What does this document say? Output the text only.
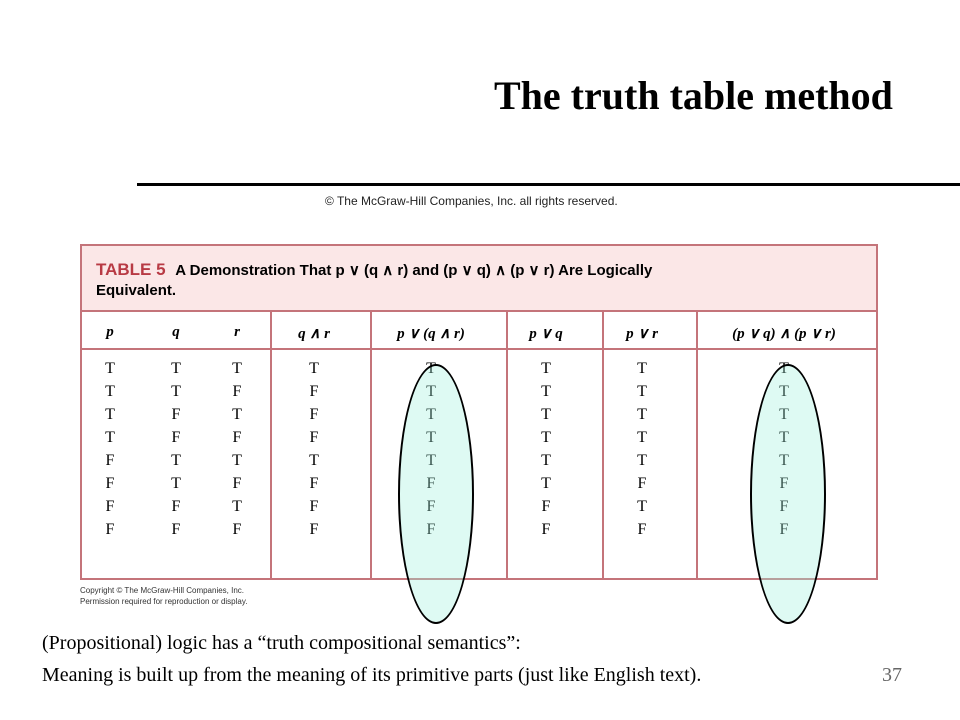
The truth table method
© The McGraw-Hill Companies, Inc. all rights reserved.
TABLE 5 A Demonstration That p ∨ (q ∧ r) and (p ∨ q) ∧ (p ∨ r) Are Logically
Equivalent.
p	q	r	q ∧ r	p ∨ (q ∧ r)	p ∨ q	p ∨ r	(p ∨ q) ∧ (p ∨ r)
T	T	T	T	T	T	T	T
T	T	F	F	T	T	T	T
T	F	T	F	T	T	T	T
T	F	F	F	T	T	T	T
F	T	T	T	T	T	T	T
F	T	F	F	F	T	F	F
F	F	T	F	F	F	T	F
F	F	F	F	F	F	F	F
Copyright © The McGraw-Hill Companies, Inc.
Permission required for reproduction or display.
(Propositional) logic has a “truth compositional semantics”:
Meaning is built up from the meaning of its primitive parts (just like English text).	37
